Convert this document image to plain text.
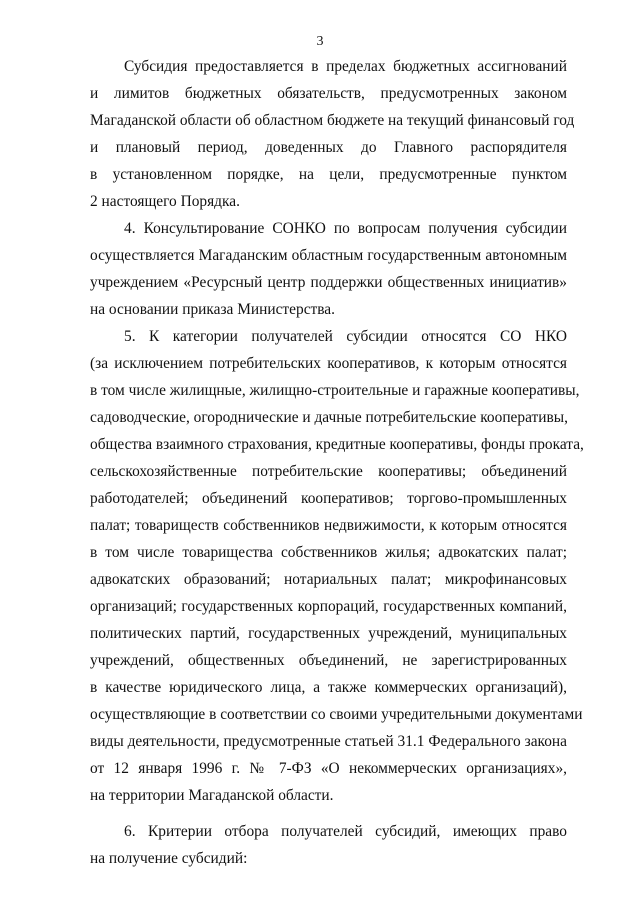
3
Субсидия предоставляется в пределах бюджетных ассигнований
и лимитов бюджетных обязательств, предусмотренных законом
Магаданской области об областном бюджете на текущий финансовый год
и плановый период, доведенных до Главного распорядителя
в установленном порядке, на цели, предусмотренные пунктом
2 настоящего Порядка.
4. Консультирование СОНКО по вопросам получения субсидии
осуществляется Магаданским областным государственным автономным
учреждением «Ресурсный центр поддержки общественных инициатив»
на основании приказа Министерства.
5. К категории получателей субсидии относятся СО НКО
(за исключением потребительских кооперативов, к которым относятся
в том числе жилищные, жилищно-строительные и гаражные кооперативы,
садоводческие, огороднические и дачные потребительские кооперативы,
общества взаимного страхования, кредитные кооперативы, фонды проката,
сельскохозяйственные потребительские кооперативы; объединений
работодателей; объединений кооперативов; торгово-промышленных
палат; товариществ собственников недвижимости, к которым относятся
в том числе товарищества собственников жилья; адвокатских палат;
адвокатских образований; нотариальных палат; микрофинансовых
организаций; государственных корпораций, государственных компаний,
политических партий, государственных учреждений, муниципальных
учреждений, общественных объединений, не зарегистрированных
в качестве юридического лица, а также коммерческих организаций),
осуществляющие в соответствии со своими учредительными документами
виды деятельности, предусмотренные статьей 31.1 Федерального закона
от 12 января 1996 г. № 7-ФЗ «О некоммерческих организациях»,
на территории Магаданской области.
6. Критерии отбора получателей субсидий, имеющих право
на получение субсидий:
